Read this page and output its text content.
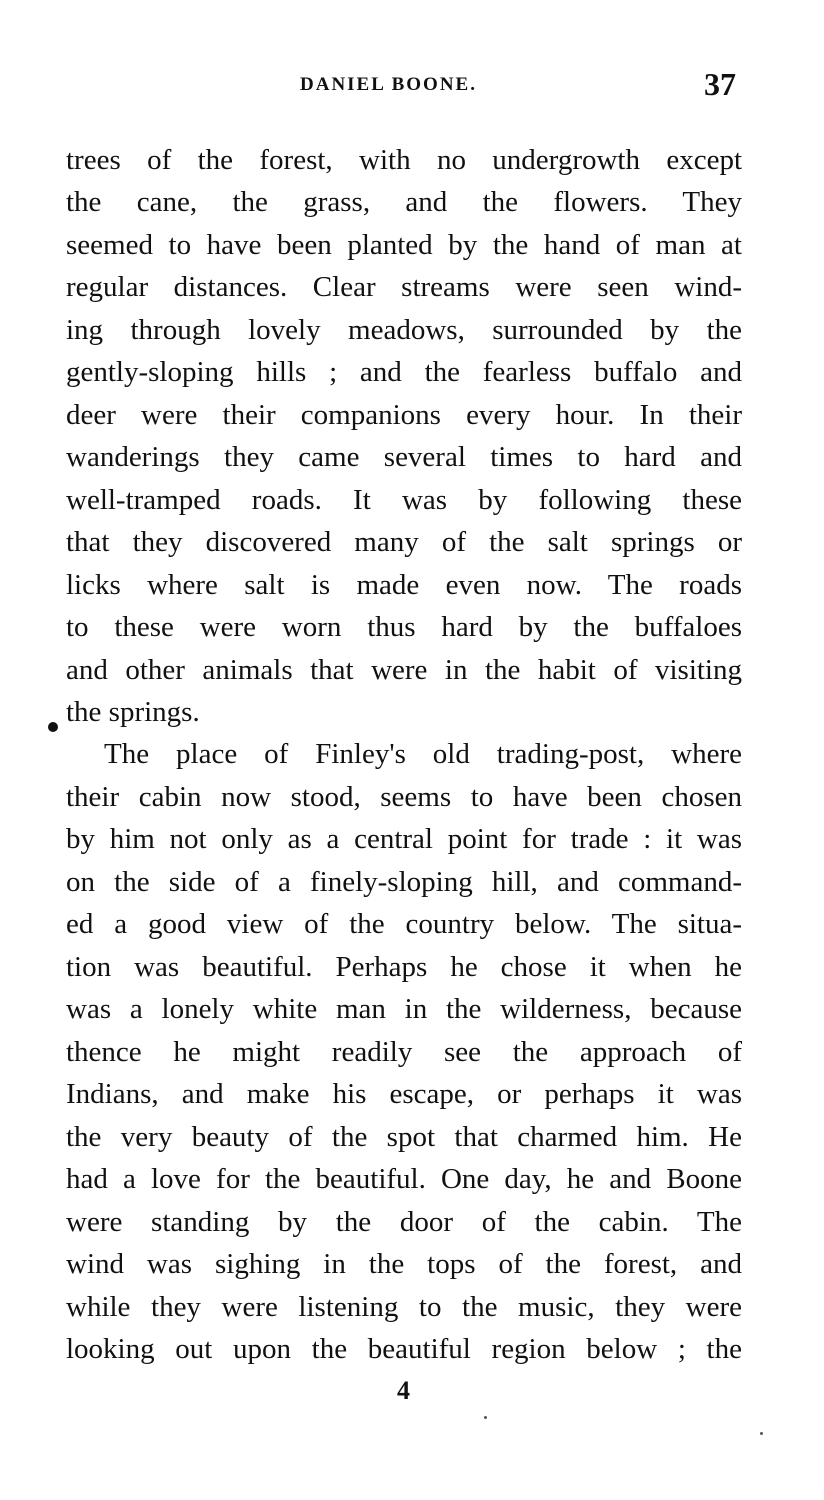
DANIEL BOONE.	37
trees of the forest, with no undergrowth except
the cane, the grass, and the flowers. They
seemed to have been planted by the hand of man at
regular distances. Clear streams were seen wind-
ing through lovely meadows, surrounded by the
gently-sloping hills ; and the fearless buffalo and
deer were their companions every hour. In their
wanderings they came several times to hard and
well-tramped roads. It was by following these
that they discovered many of the salt springs or
licks where salt is made even now. The roads
to these were worn thus hard by the buffaloes
and other animals that were in the habit of visiting
the springs.
The place of Finley's old trading-post, where
their cabin now stood, seems to have been chosen
by him not only as a central point for trade : it was
on the side of a finely-sloping hill, and command-
ed a good view of the country below. The situa-
tion was beautiful. Perhaps he chose it when he
was a lonely white man in the wilderness, because
thence he might readily see the approach of
Indians, and make his escape, or perhaps it was
the very beauty of the spot that charmed him. He
had a love for the beautiful. One day, he and Boone
were standing by the door of the cabin. The
wind was sighing in the tops of the forest, and
while they were listening to the music, they were
looking out upon the beautiful region below ; the
4
